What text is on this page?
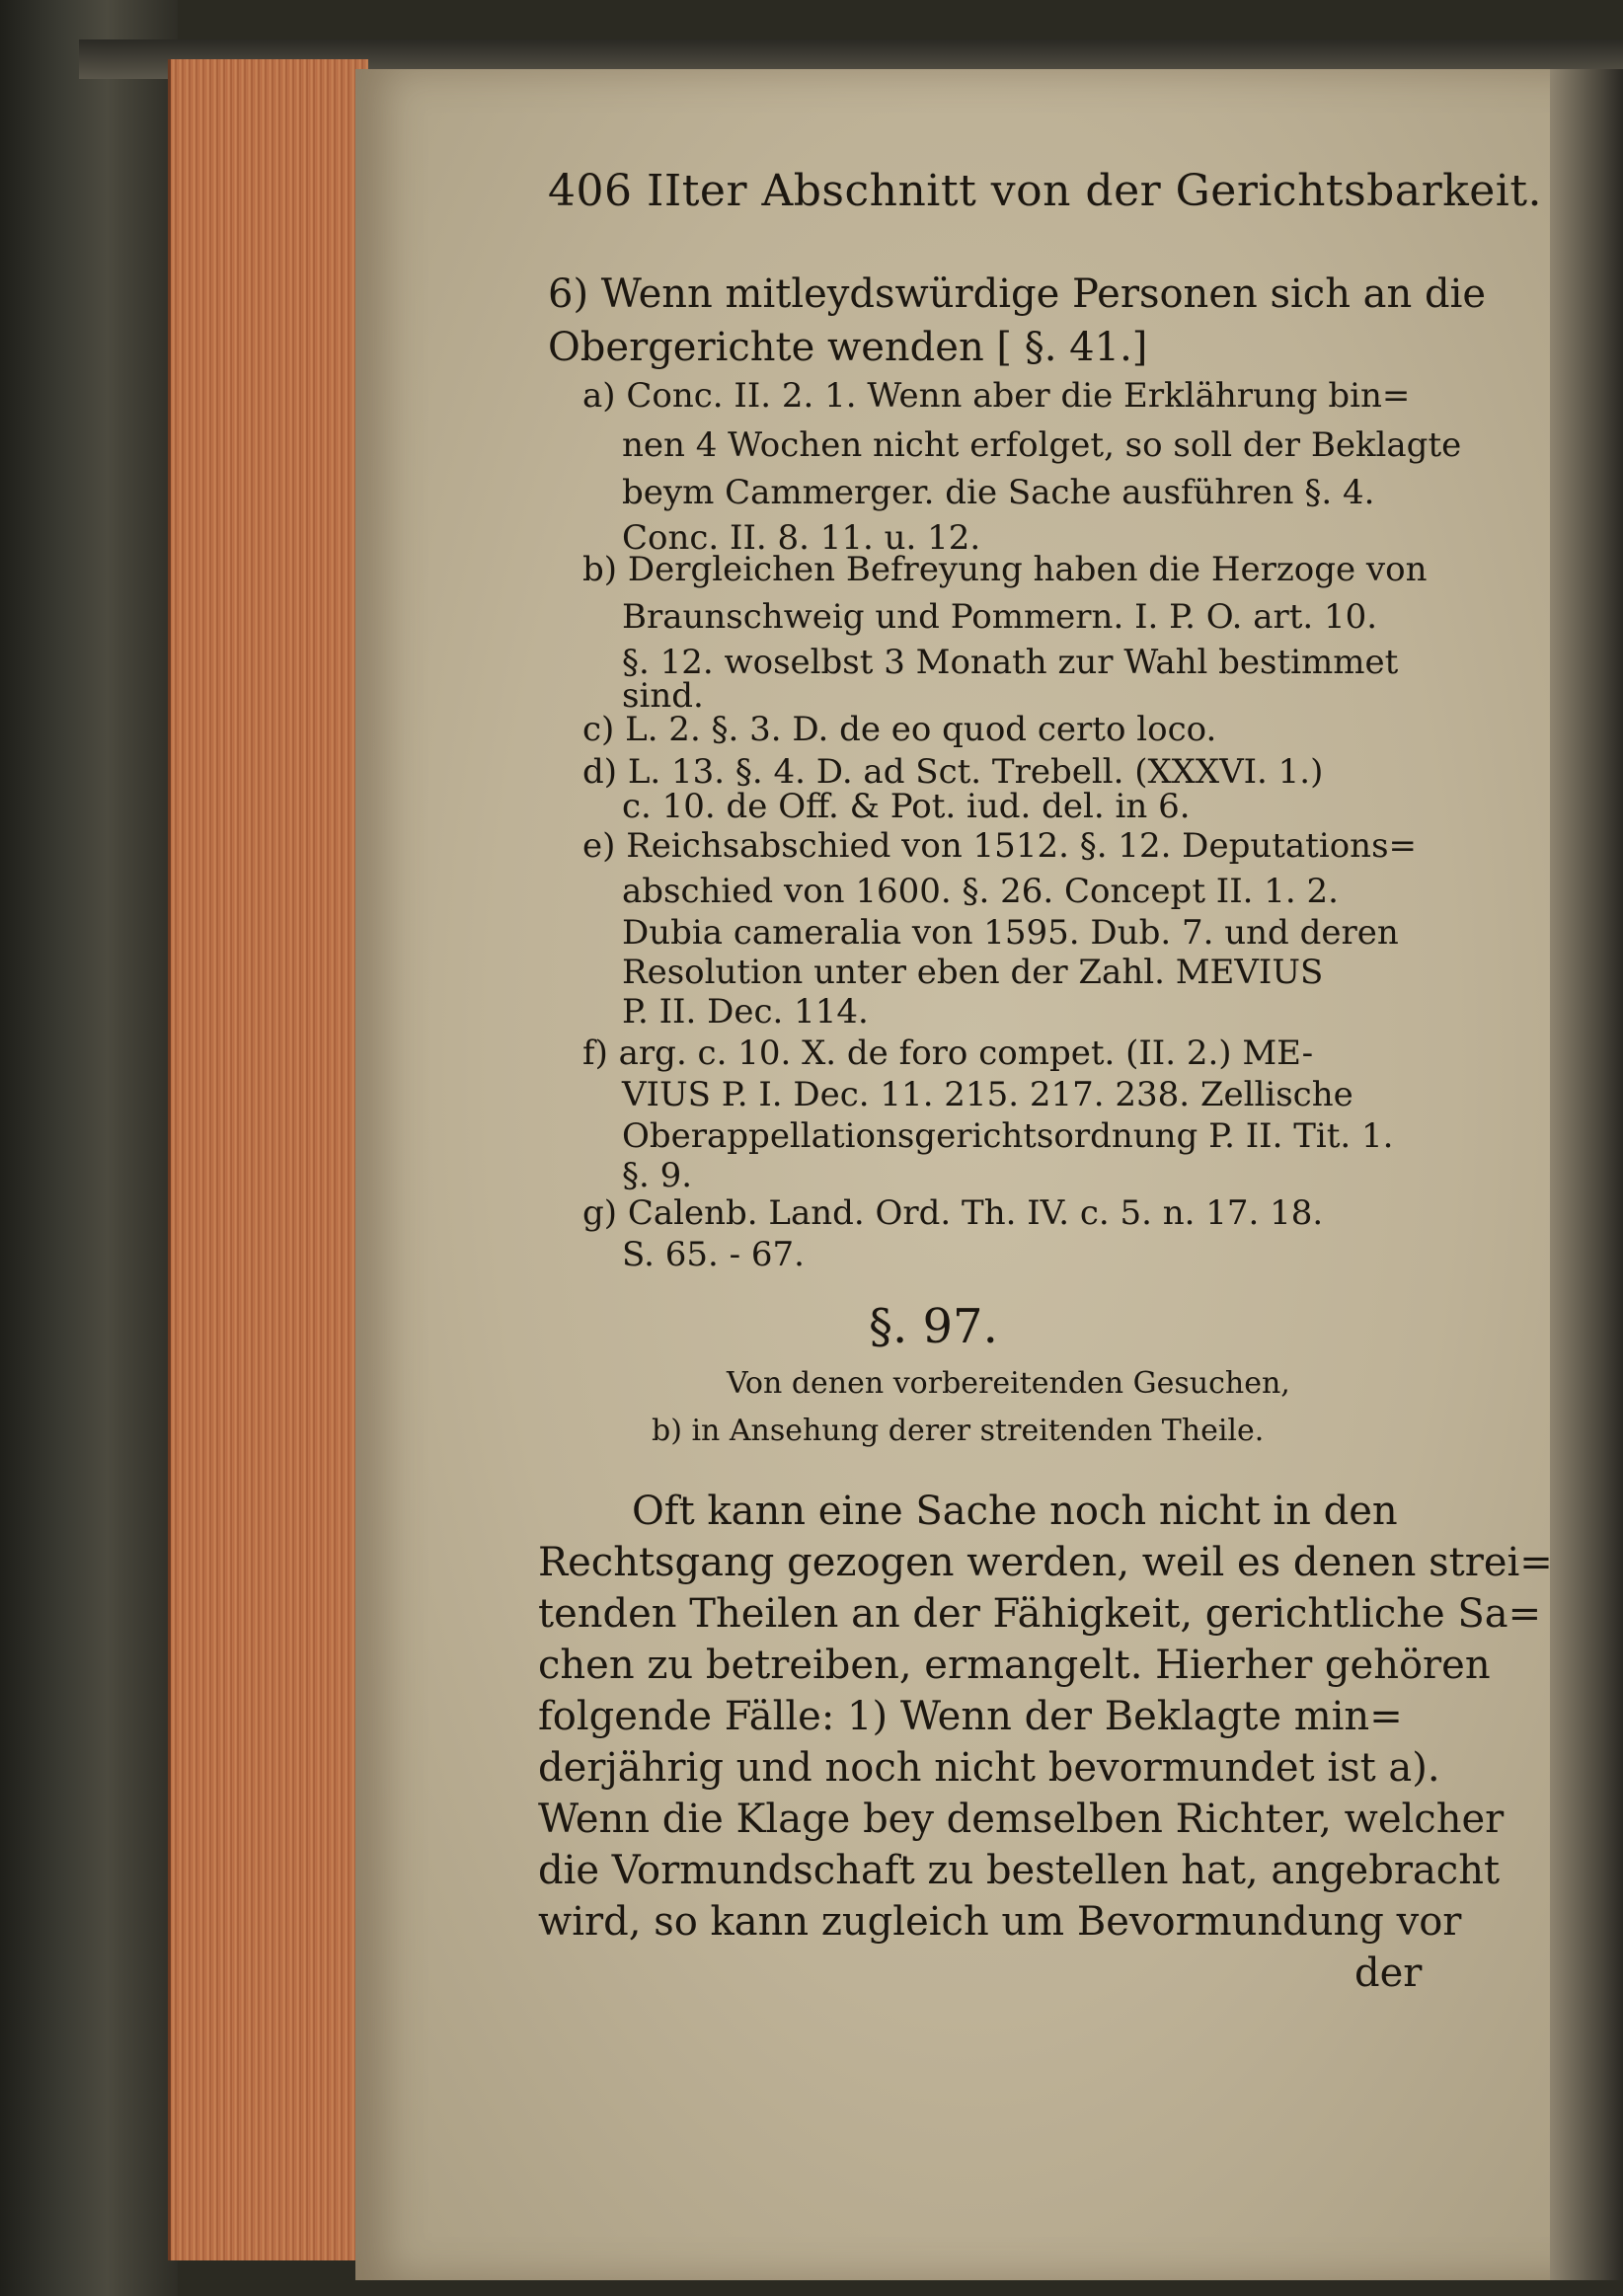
406 IIter Abschnitt von der Gerichtsbarkeit.
6) Wenn mitleydswürdige Personen sich an die
Obergerichte wenden [ §. 41.]
a) Conc. II. 2. 1. Wenn aber die Erklährung bin=
nen 4 Wochen nicht erfolget, so soll der Beklagte
beym Cammerger. die Sache ausführen §. 4.
Conc. II. 8. 11. u. 12.
b) Dergleichen Befreyung haben die Herzoge von
Braunschweig und Pommern. I. P. O. art. 10.
§. 12. woselbst 3 Monath zur Wahl bestimmet
sind.
c) L. 2. §. 3. D. de eo quod certo loco.
d) L. 13. §. 4. D. ad Sct. Trebell. (XXXVI. 1.)
c. 10. de Off. & Pot. iud. del. in 6.
e) Reichsabschied von 1512. §. 12. Deputations=
abschied von 1600. §. 26. Concept II. 1. 2.
Dubia cameralia von 1595. Dub. 7. und deren
Resolution unter eben der Zahl. MEVIUS
P. II. Dec. 114.
f) arg. c. 10. X. de foro compet. (II. 2.) ME-
VIUS P. I. Dec. 11. 215. 217. 238. Zellische
Oberappellationsgerichtsordnung P. II. Tit. 1.
§. 9.
g) Calenb. Land. Ord. Th. IV. c. 5. n. 17. 18.
S. 65. - 67.
§. 97.
Von denen vorbereitenden Gesuchen,
b) in Ansehung derer streitenden Theile.
Oft kann eine Sache noch nicht in den
Rechtsgang gezogen werden, weil es denen strei=
tenden Theilen an der Fähigkeit, gerichtliche Sa=
chen zu betreiben, ermangelt. Hierher gehören
folgende Fälle: 1) Wenn der Beklagte min=
derjährig und noch nicht bevormundet ist a).
Wenn die Klage bey demselben Richter, welcher
die Vormundschaft zu bestellen hat, angebracht
wird, so kann zugleich um Bevormundung vor
der
